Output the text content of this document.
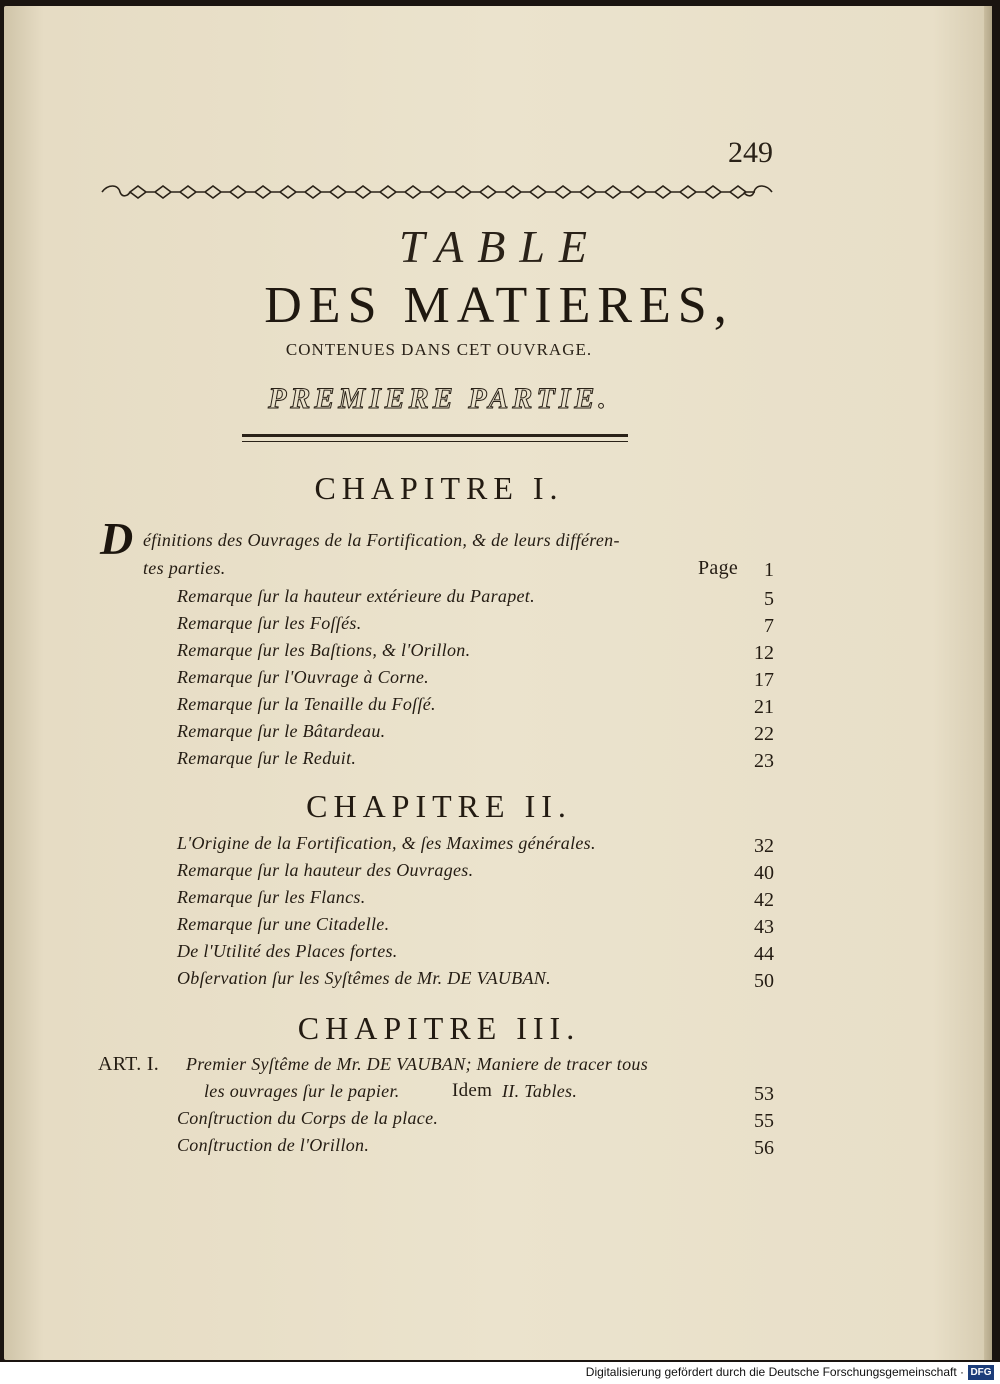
249
TABLE
DES MATIERES,
CONTENUES DANS CET OUVRAGE.
PREMIERE PARTIE.
CHAPITRE I.
D éfinitions des Ouvrages de la Fortification, & de leurs différen-
tes parties.	Page	1
Remarque ſur la hauteur extérieure du Parapet.	5
Remarque ſur les Foſſés.	7
Remarque ſur les Baſtions, & l'Orillon.	12
Remarque ſur l'Ouvrage à Corne.	17
Remarque ſur la Tenaille du Foſſé.	21
Remarque ſur le Bâtardeau.	22
Remarque ſur le Reduit.	23
CHAPITRE II.
L'Origine de la Fortification, & ſes Maximes générales.	32
Remarque ſur la hauteur des Ouvrages.	40
Remarque ſur les Flancs.	42
Remarque ſur une Citadelle.	43
De l'Utilité des Places fortes.	44
Obſervation ſur les Syſtêmes de Mr. DE VAUBAN.	50
CHAPITRE III.
ART. I. Premier Syſtême de Mr. DE VAUBAN; Maniere de tracer tous
les ouvrages ſur le papier.	Idem II. Tables.	53
Conſtruction du Corps de la place.	55
Conſtruction de l'Orillon.	56
Digitalisierung gefördert durch die Deutsche Forschungsgemeinschaft · DFG
